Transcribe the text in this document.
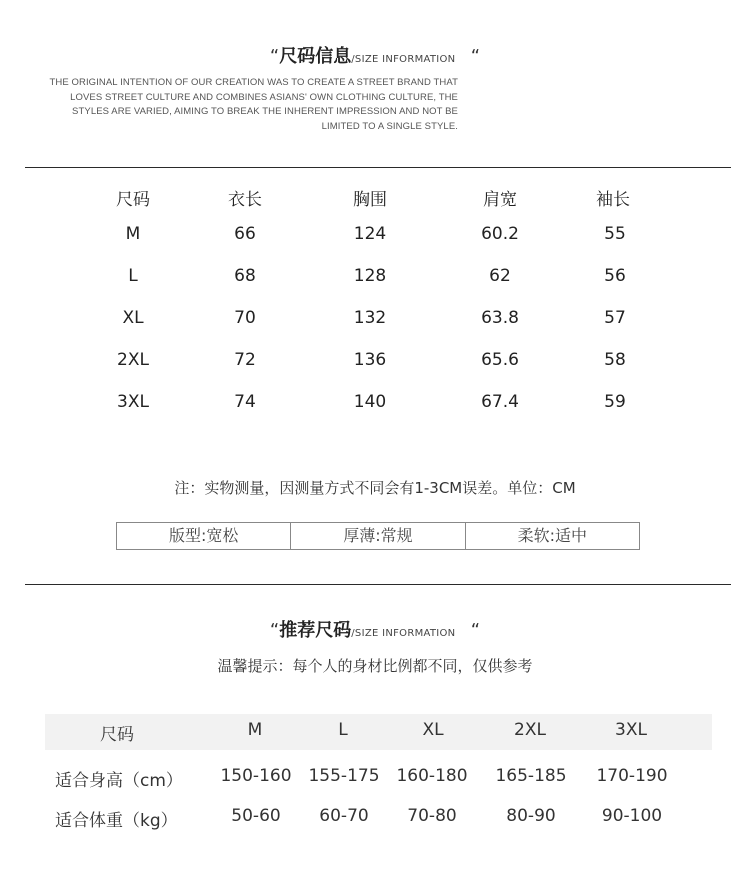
“尺码信息/SIZE INFORMATION “
THE ORIGINAL INTENTION OF OUR CREATION WAS TO CREATE A STREET BRAND THAT
LOVES STREET CULTURE AND COMBINES ASIANS' OWN CLOTHING CULTURE, THE
STYLES ARE VARIED, AIMING TO BREAK THE INHERENT IMPRESSION AND NOT BE
LIMITED TO A SINGLE STYLE.
尺码	衣长	胸围	肩宽	袖长
M	66	124	60.2	55
L	68	128	62	56
XL	70	132	63.8	57
2XL	72	136	65.6	58
3XL	74	140	67.4	59
注：实物测量，因测量方式不同会有1-3CM误差。单位：CM
版型:宽松	厚薄:常规	柔软:适中
“推荐尺码/SIZE INFORMATION “
温馨提示：每个人的身材比例都不同，仅供参考
尺码	M	L	XL	2XL	3XL
适合身高（cm）	150-160 155-175 160-180	165-185	170-190
适合体重（kg）	50-60	60-70	70-80	80-90	90-100
